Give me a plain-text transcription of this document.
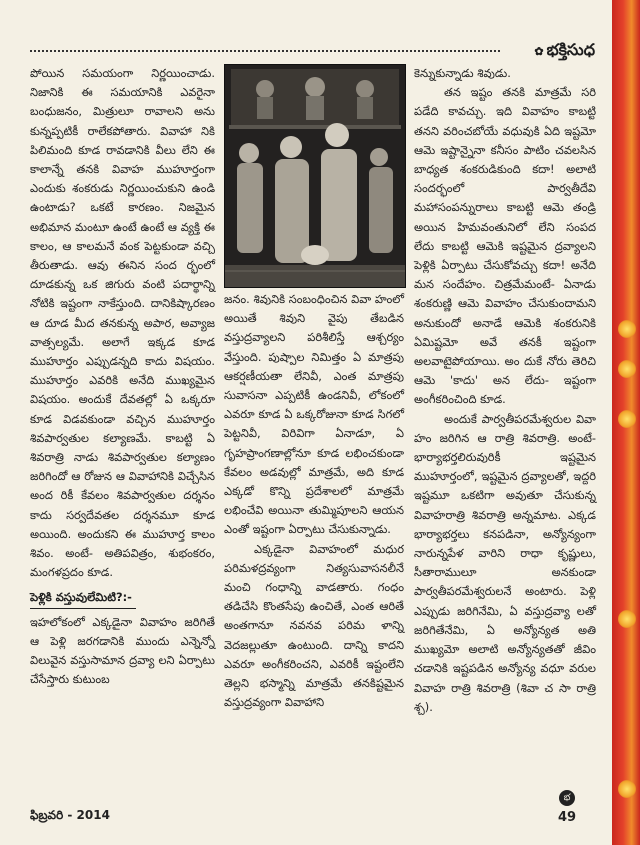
✿ భక్తిసుధ

పోయిన సమయంగా నిర్ణయించాడు. నిజానికి ఈ సమయానికి ఎవరైనా బంధుజనం, మిత్రులూ రావాలని అను కున్నప్పటికీ రాలేకపోతారు. వివాహా నికి పిలిమంది కూడ రావడానికి వీలు లేని ఈ కాలాన్నే తనకి వివాహ ముహూర్తంగా ఎందుకు శంకరుడు నిర్ణయించుకుని ఉండి ఉంటాడు? ఒకటే కారణం. నిజమైన అభిమాన మంటూ ఉంటే ఉంటే ఆ వ్యక్తి ఈ కాలం, ఆ కాలమనే వంక పెట్టకుండా వచ్చి తీరుతాడు. ఆవు ఈనిన సంద ర్భంలో దూడకున్న ఒక జిగురు వంటి పదార్థాన్ని నోటికి ఇష్టంగా నాకేస్తుంది. దానికిష్కారణం ఆ దూడ మీద తనకున్న అపార, అవ్యాజ వాత్సల్యమే. అలాగే ఇక్కడ కూడ ముహూర్తం ఎప్పుడన్నది కాదు విషయం. ముహూర్తం ఎవరికి అనేది ముఖ్యమైన విషయం. అందుకే దేవతల్లో ఏ ఒక్కరూ కూడ విడవకుండా వచ్చిన ముహూర్తం శివపార్వతుల కల్యాణమే. కాబట్టి ఏ శివరాత్రి నాడు శివపార్వతుల కల్యాణం జరిగిందో ఆ రోజున ఆ వివాహానికి విచ్చేసిన అంద రికీ కేవలం శివపార్వతుల దర్శనం కాదు సర్వదేవతల దర్శనమూ కూడ అయింది. అందుకని ఈ ముహూర్త కాలం శివం. అంటే- అతిపవిత్రం, శుభంకరం, మంగళప్రదం కూడ.

పెళ్లికి వస్తువులేమిటి?:-

ఇహలోకంలో ఎక్కడైనా వివాహం జరిగితే ఆ పెళ్లి జరగడానికి ముందు ఎన్నెన్నో విలువైన వస్తుసామాన ద్రవ్యా లని ఏర్పాటు చేసేస్తారు కుటుంబ

జనం. శివునికి సంబంధించిన వివా హంలో అయితే శివుని వైపు తేబడిన వస్తుద్రవ్యాలని పరిశీలిస్తే ఆశ్చర్యం వేస్తుంది. పుష్పాల నిమిత్తం ఏ మాత్రపు ఆకర్షణీయతా లేనివీ, ఎంత మాత్రపు సువాసనా ఎప్పటికీ ఉండనివీ, లోకంలో ఎవరూ కూడ ఏ ఒక్కరోజునా కూడ సిగలో పెట్టనివీ, విరివిగా ఏనాడూ, ఏ గృహప్రాంగణాల్లోనూ కూడ లభించకుండా కేవలం అడవుల్లో మాత్రమే, అది కూడ ఎక్కడో కొన్ని ప్రదేశాలలో మాత్రమే లభించేవి అయినా తుమ్మిపూలని ఆయన ఎంతో ఇష్టంగా ఏర్పాటు చేసుకున్నాడు.

ఎక్కడైనా వివాహంలో మధుర పరిమళద్రవ్యంగా నిత్యసువాసనలీనే మంచి గంధాన్ని వాడతారు. గంధం తడిచేసి కొంతసేపు ఉంచితే, ఎంత ఆరితే అంతగానూ నవనవ పరిమ ళాన్ని వెదజల్లుతూ ఉంటుంది. దాన్ని కాదని ఎవరూ అంగీకరించని, ఎవరికీ ఇష్టంలేని తెల్లని భస్మాన్ని మాత్రమే తనకిష్టమైన వస్తుద్రవ్యంగా వివాహాని

కెన్నుకున్నాడు శివుడు.

తన ఇష్టం తనకి మాత్రమే సరి పడేది కావచ్చు. ఇది వివాహం కాబట్టి తనని వరించబోయే వధువుకి ఏది ఇష్టమో ఆమె ఇష్టాన్నైనా కనీసం పాటిం చవలసిన బాధ్యత శంకరుడికుంది కదా! అలాటి సందర్భంలో పార్వతీదేవి మహాసంపన్నురాలు కాబట్టి ఆమె తండ్రి అయిన హిమవంతునిలో లేని సంపద లేదు కాబట్టి ఆమెకి ఇష్టమైన ద్రవ్యాలని పెళ్లికి ఏర్పాటు చేసుకోవచ్చు కదా! అనేది మన సందేహం. చిత్రమేమంటే- ఏనాడు శంకరుణ్ణి ఆమె వివాహం చేసుకుందామని అనుకుందో అనాడే ఆమెకి శంకరునికి ఏమిష్టమో అవే తనకీ ఇష్టంగా అలవాటైపోయాయి. అం దుకే నోరు తెరిచి ఆమె 'కాదు' అన లేదు- ఇష్టంగా అంగీకరించింది కూడ.

అందుకే పార్వతీపరమేశ్వరుల వివా హం జరిగిన ఆ రాత్రి శివరాత్రి. అంటే- భార్యాభర్తలిరువురికీ ఇష్టమైన ముహూర్తంలో, ఇష్టమైన ద్రవ్యాలతో, ఇద్దరి ఇష్టమూ ఒకటిగా అవుతూ చేసుకున్న వివాహరాత్రి శివరాత్రి అన్నమాట. ఎక్కడ భార్యాభర్తలు కనపడినా, అన్యోన్యంగా నారున్నపేళ వారిని రాధా కృష్ణులు, సీతారాములూ అనకుండా పార్వతీపరమేశ్వరులనే అంటారు. పెళ్లి ఎప్పుడు జరిగినేమి, ఏ వస్తుద్రవ్యా లతో జరిగితేనేమి, ఏ అన్యోన్యత అతి ముఖ్యమో అలాటి అన్యోన్యతతో జీవిం చడానికి ఇష్టపడిన అన్యోన్య వధూ వరుల వివాహ రాత్రి శివరాత్రి (శివా చ సా రాత్రి శ్చ).

ఫిబ్రవరి - 2014
భ
49
